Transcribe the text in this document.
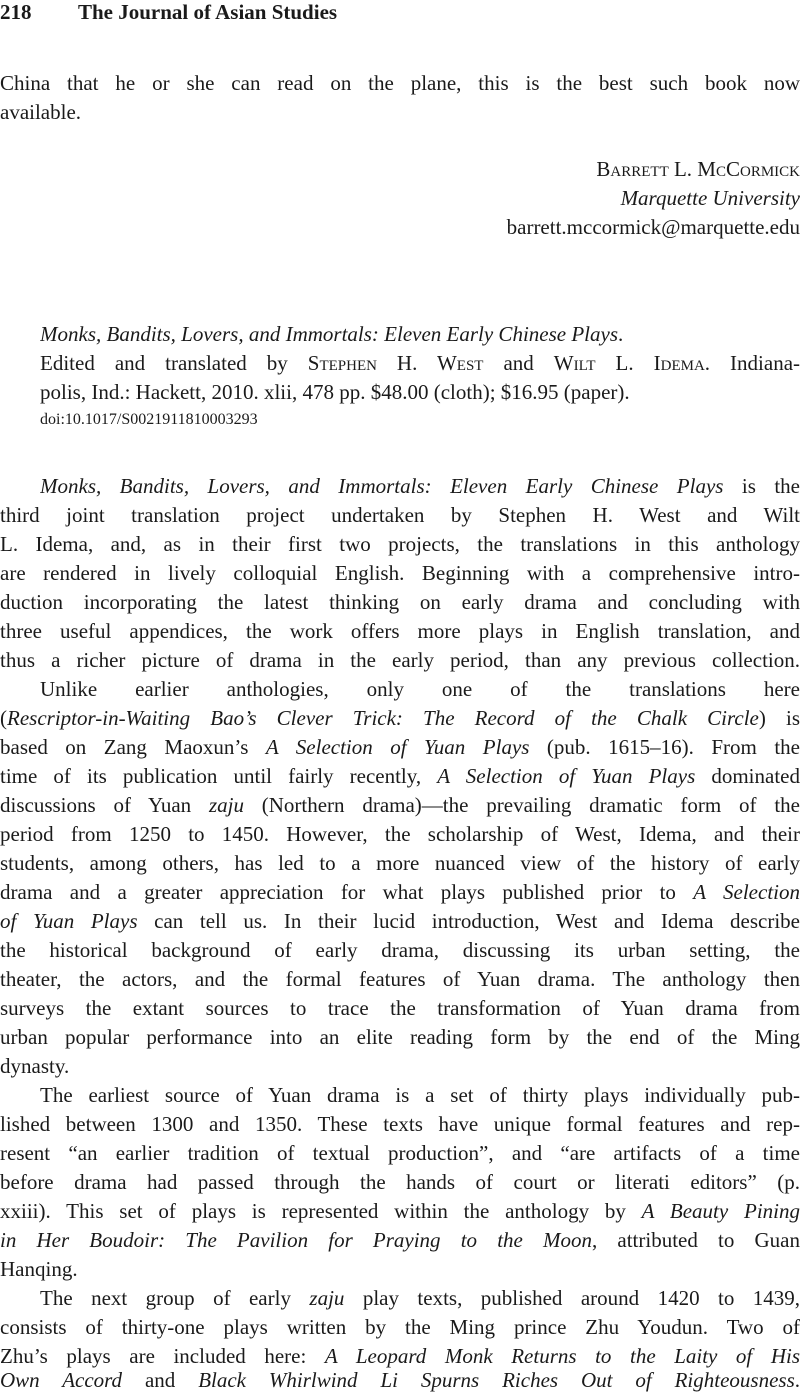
218 The Journal of Asian Studies
China that he or she can read on the plane, this is the best such book now
available.
Barrett L. McCormick
Marquette University
barrett.mccormick@marquette.edu
Monks, Bandits, Lovers, and Immortals: Eleven Early Chinese Plays.
Edited and translated by Stephen H. West and Wilt L. Idema. Indiana-
polis, Ind.: Hackett, 2010. xlii, 478 pp. $48.00 (cloth); $16.95 (paper).
doi:10.1017/S0021911810003293
Monks, Bandits, Lovers, and Immortals: Eleven Early Chinese Plays is the
third joint translation project undertaken by Stephen H. West and Wilt
L. Idema, and, as in their first two projects, the translations in this anthology
are rendered in lively colloquial English. Beginning with a comprehensive intro-
duction incorporating the latest thinking on early drama and concluding with
three useful appendices, the work offers more plays in English translation, and
thus a richer picture of drama in the early period, than any previous collection.
Unlike earlier anthologies, only one of the translations here
(Rescriptor-in-Waiting Bao’s Clever Trick: The Record of the Chalk Circle) is
based on Zang Maoxun’s A Selection of Yuan Plays (pub. 1615–16). From the
time of its publication until fairly recently, A Selection of Yuan Plays dominated
discussions of Yuan zaju (Northern drama)—the prevailing dramatic form of the
period from 1250 to 1450. However, the scholarship of West, Idema, and their
students, among others, has led to a more nuanced view of the history of early
drama and a greater appreciation for what plays published prior to A Selection
of Yuan Plays can tell us. In their lucid introduction, West and Idema describe
the historical background of early drama, discussing its urban setting, the
theater, the actors, and the formal features of Yuan drama. The anthology then
surveys the extant sources to trace the transformation of Yuan drama from
urban popular performance into an elite reading form by the end of the Ming
dynasty.
The earliest source of Yuan drama is a set of thirty plays individually pub-
lished between 1300 and 1350. These texts have unique formal features and rep-
resent “an earlier tradition of textual production”, and “are artifacts of a time
before drama had passed through the hands of court or literati editors” (p.
xxiii). This set of plays is represented within the anthology by A Beauty Pining
in Her Boudoir: The Pavilion for Praying to the Moon, attributed to Guan
Hanqing.
The next group of early zaju play texts, published around 1420 to 1439,
consists of thirty-one plays written by the Ming prince Zhu Youdun. Two of
Zhu’s plays are included here: A Leopard Monk Returns to the Laity of His
Own Accord and Black Whirlwind Li Spurns Riches Out of Righteousness.
